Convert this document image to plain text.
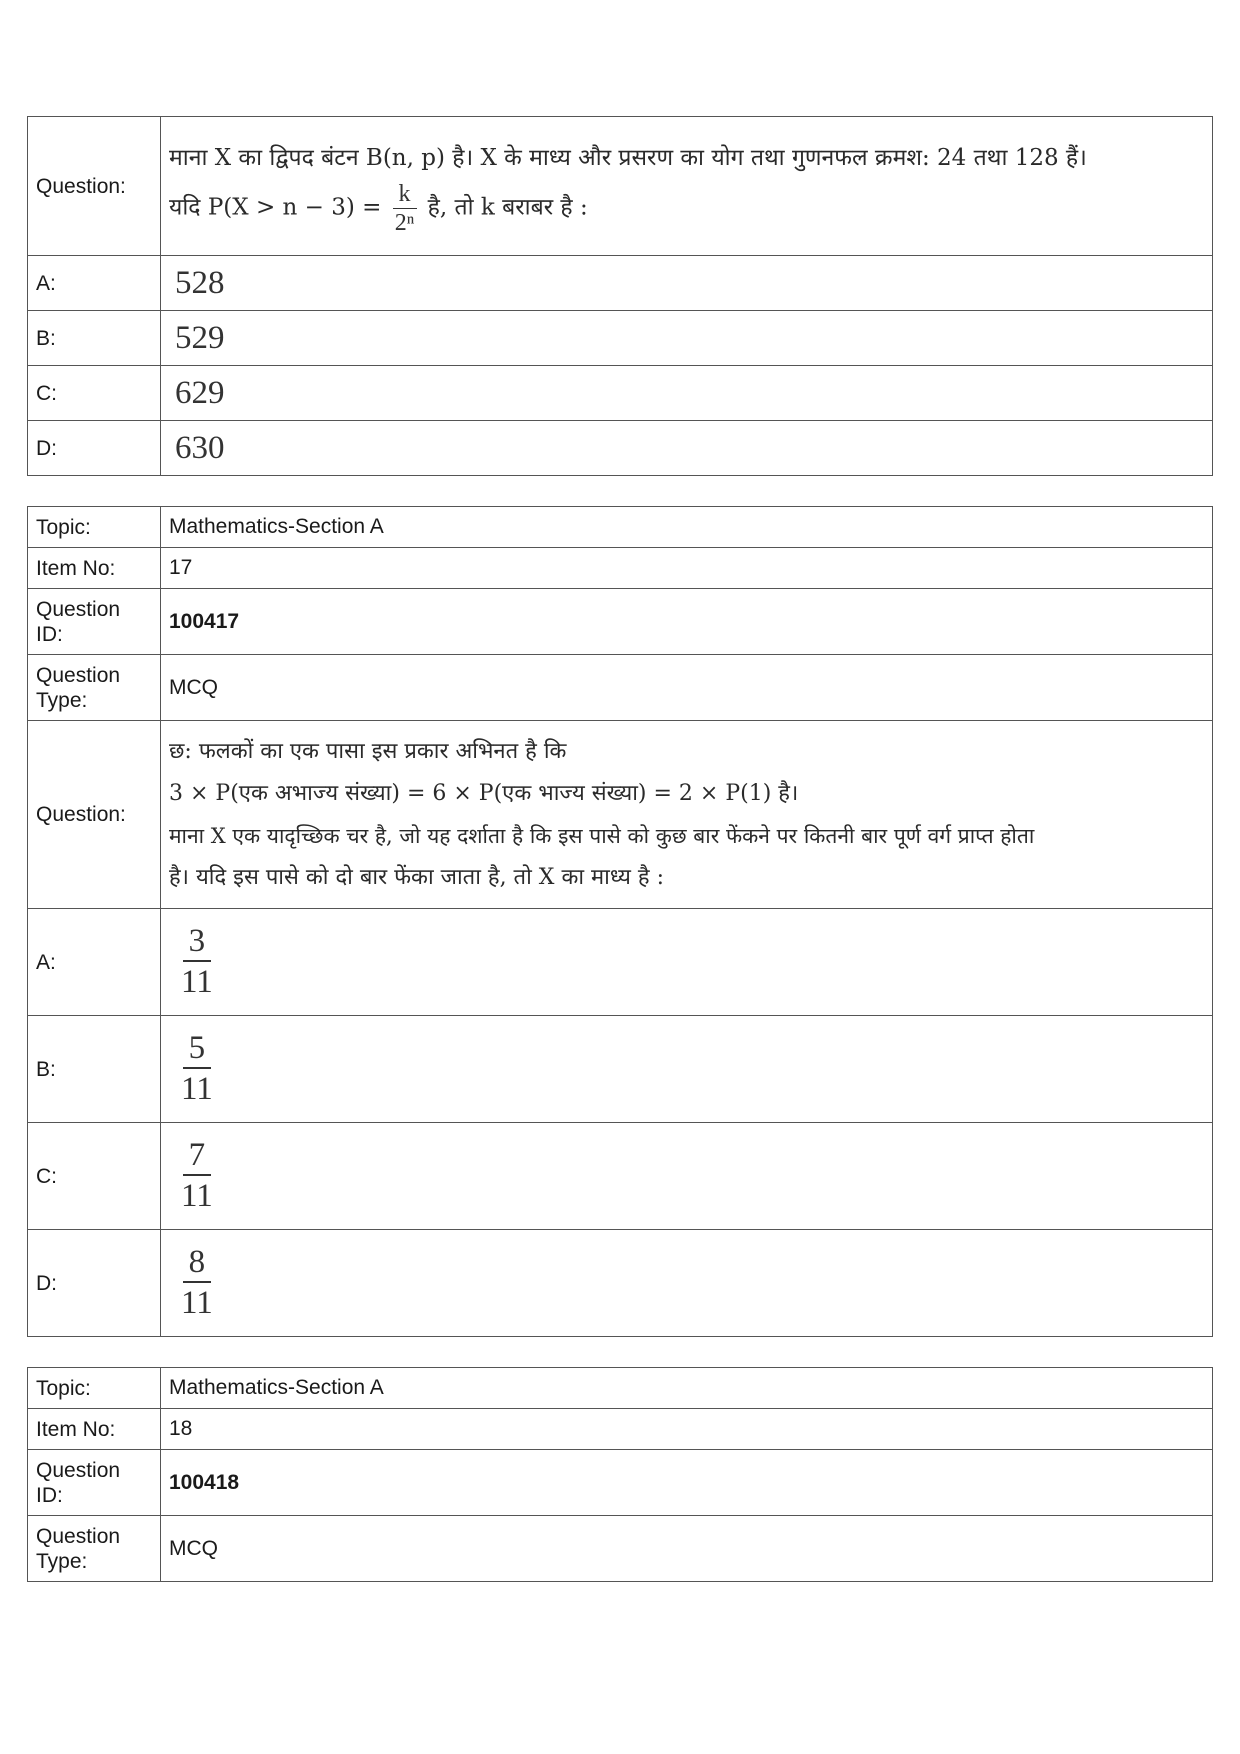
Question:	माना X का द्विपद बंटन B(n, p) है। X के माध्य और प्रसरण का योग तथा गुणनफल क्रमश: 24 तथा 128 हैं।
यदि $P(X > n - 3) = \frac{k}{\text{2ⁿ}}$ है, तो k बराबर है :

A:	528
B:	529
C:	629
D:	630
Topic:	Mathematics-Section A
Item No:	17
Question ID:	100417
Question Type:	MCQ
Question:	छ: फलकों का एक पासा इस प्रकार अभिनत है कि
3 × P(एक अभाज्य संख्या) = 6 × P(एक भाज्य संख्या) = 2 × P(1) है।
माना X एक यादृच्छिक चर है, जो यह दर्शाता है कि इस पासे को कुछ बार फेंकने पर कितनी बार पूर्ण वर्ग प्राप्त होता
है। यदि इस पासे को दो बार फेंका जाता है, तो X का माध्य है :

A:	$\frac{3}{11}$

B:	$\frac{5}{11}$

C:	$\frac{7}{11}$

D:	$\frac{8}{11}$
Topic:	Mathematics-Section A
Item No:	18
Question ID:	100418
Question Type:	MCQ
